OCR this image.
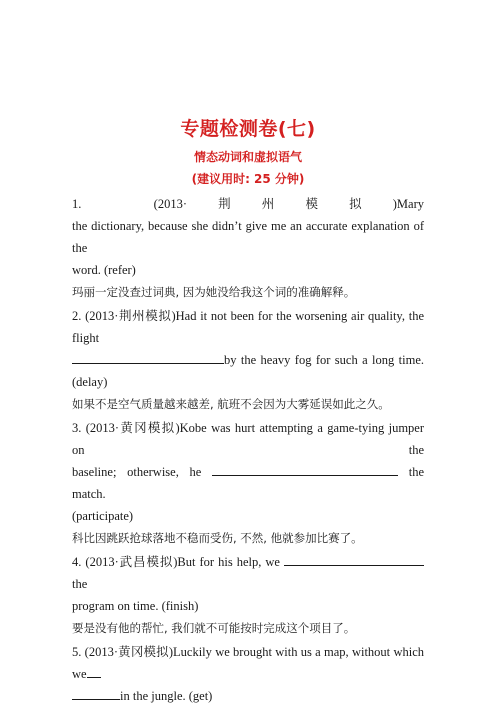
专题检测卷(七)
情态动词和虚拟语气
(建议用时: 25 分钟)
1. (2013·荆州模拟)Mary
the dictionary, because she didn’t give me an accurate explanation of the
word. (refer)
玛丽一定没查过词典, 因为她没给我这个词的准确解释。
2. (2013·荆州模拟)Had it not been for the worsening air quality, the flight
by the heavy fog for such a long time.
(delay)
如果不是空气质量越来越差, 航班不会因为大雾延误如此之久。
3. (2013·黄冈模拟)Kobe was hurt attempting a game-tying jumper on the
baseline; otherwise, he	the match.
(participate)
科比因跳跃抢球落地不稳而受伤, 不然, 他就参加比赛了。
4. (2013·武昌模拟)But for his help, we  the
program on time. (finish)
要是没有他的帮忙, 我们就不可能按时完成这个项目了。
5. (2013·黄冈模拟)Luckily we brought with us a map, without which we
in the jungle. (get)
